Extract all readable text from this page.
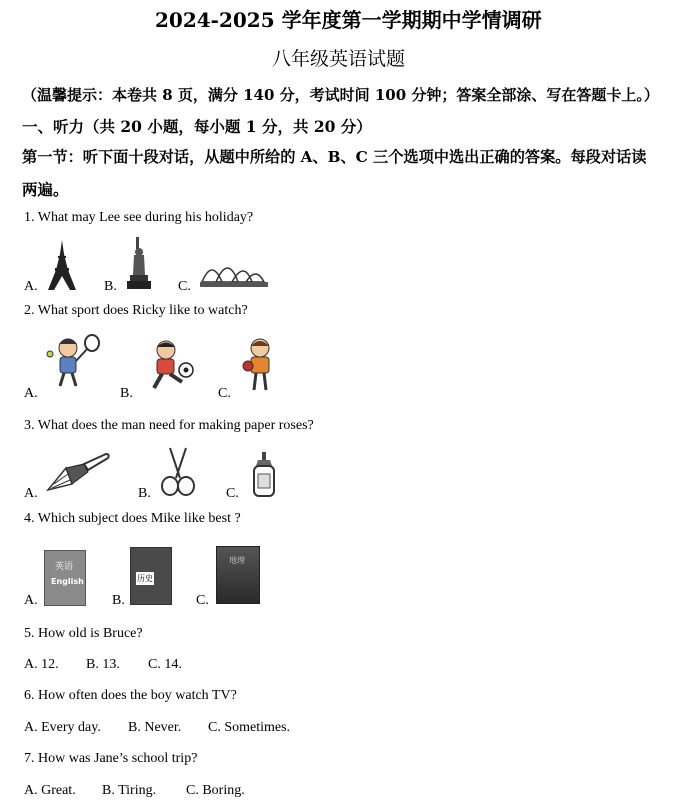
2024-2025 学年度第一学期期中学情调研
八年级英语试题
（温馨提示：本卷共 8 页，满分 140 分，考试时间 100 分钟；答案全部涂、写在答题卡上。）
一、听力（共 20 小题，每小题 1 分，共 20 分）
第一节：听下面十段对话，从题中所给的 A、B、C 三个选项中选出正确的答案。每段对话读
两遍。
1. What may Lee see during his holiday?
A.	B.	C.
2. What sport does Ricky like to watch?
A.	B.	C.
3. What does the man need for making paper roses?
A.	B.	C.
4. Which subject does Mike like best ?
A.	B.	C.
英语
English	历史
地理
5. How old is Bruce?
A. 12. B. 13. C. 14.
6. How often does the boy watch TV?
A. Every day. B. Never. C. Sometimes.
7. How was Jane’s school trip?
A. Great. B. Tiring. C. Boring.
